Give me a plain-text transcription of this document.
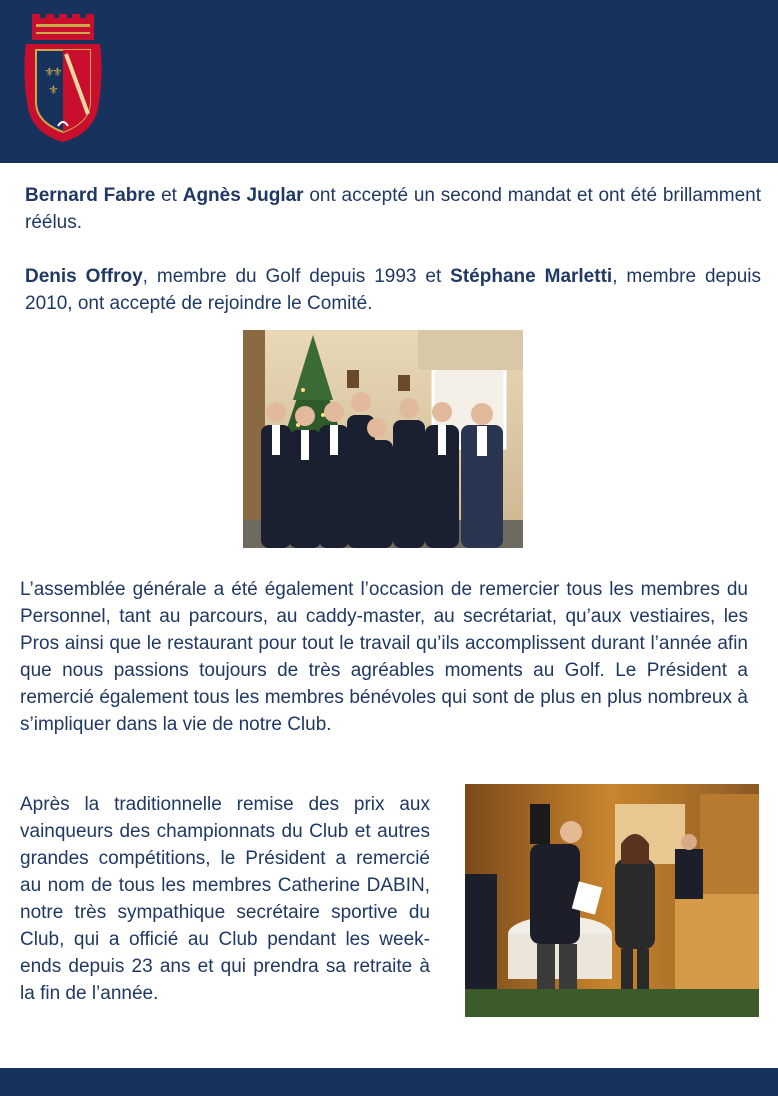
⚜
⚜
⚜

Bernard Fabre et Agnès Juglar ont accepté un second mandat et ont été brillamment réélus.

Denis Offroy, membre du Golf depuis 1993 et Stéphane Marletti, membre depuis 2010, ont accepté de rejoindre le Comité.

L’assemblée générale a été également l’occasion de remercier tous les membres du Personnel, tant au parcours, au caddy-master, au secrétariat, qu’aux vestiaires, les Pros ainsi que le restaurant pour tout le travail qu’ils accomplissent durant l’année afin que nous passions toujours de très agréables moments au Golf. Le Président a remercié également tous les membres bénévoles qui sont de plus en plus nombreux à s’impliquer dans la vie de notre Club.

Après la traditionnelle remise des prix aux vainqueurs des championnats du Club et autres grandes compétitions, le Président a remercié au nom de tous les membres Catherine DABIN, notre très sympathique secrétaire sportive du Club, qui a officié au Club pendant les week-ends depuis 23 ans et qui prendra sa retraite à la fin de l’année.
